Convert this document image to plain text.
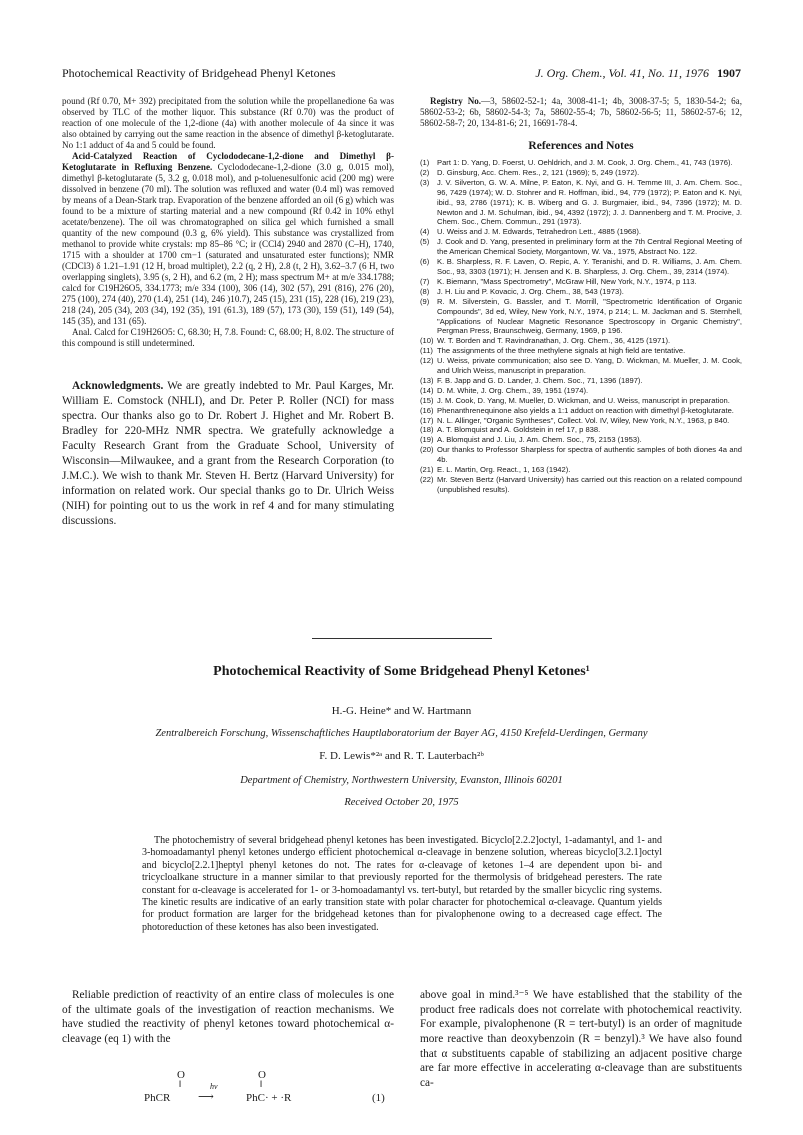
Photochemical Reactivity of Bridgehead Phenyl Ketones	J. Org. Chem., Vol. 41, No. 11, 1976 1907

pound (Rf 0.70, M+ 392) precipitated from the solution while the propellanedione 6a was observed by TLC of the mother liquor. This substance (Rf 0.70) was the product of reaction of one molecule of the 1,2-dione (4a) with another molecule of 4a since it was also obtained by carrying out the same reaction in the absence of dimethyl β-ketoglutarate. No 1:1 adduct of 4a and 5 could be found.

Acid-Catalyzed Reaction of Cyclododecane-1,2-dione and Dimethyl β-Ketoglutarate in Refluxing Benzene. Cyclododecane-1,2-dione (3.0 g, 0.015 mol), dimethyl β-ketoglutarate (5, 3.2 g, 0.018 mol), and p-toluenesulfonic acid (200 mg) were dissolved in benzene (70 ml). The solution was refluxed and water (0.4 ml) was removed by means of a Dean-Stark trap. Evaporation of the benzene afforded an oil (6 g) which was found to be a mixture of starting material and a new compound (Rf 0.42 in 10% ethyl acetate/benzene). The oil was chromatographed on silica gel which furnished a small quantity of the new compound (0.3 g, 6% yield). This substance was crystallized from methanol to provide white crystals: mp 85–86 °C; ir (CCl4) 2940 and 2870 (C–H), 1740, 1715 with a shoulder at 1700 cm−1 (saturated and unsaturated ester functions); NMR (CDCl3) δ 1.21–1.91 (12 H, broad multiplet), 2.2 (q, 2 H), 2.8 (t, 2 H), 3.62–3.7 (6 H, two overlapping singlets), 3.95 (s, 2 H), and 6.2 (m, 2 H); mass spectrum M+ at m/e 334.1788; calcd for C19H26O5, 334.1773; m/e 334 (100), 306 (14), 302 (57), 291 (816), 276 (20), 275 (100), 274 (40), 270 (1.4), 251 (14), 246 )10.7), 245 (15), 231 (15), 228 (16), 219 (23), 218 (24), 205 (34), 203 (34), 192 (35), 191 (61.3), 189 (57), 173 (30), 159 (51), 149 (54), 145 (35), and 131 (65).

Anal. Calcd for C19H26O5: C, 68.30; H, 7.8. Found: C, 68.00; H, 8.02. The structure of this compound is still undetermined.

Acknowledgments. We are greatly indebted to Mr. Paul Karges, Mr. William E. Comstock (NHLI), and Dr. Peter P. Roller (NCI) for mass spectra. Our thanks also go to Dr. Robert J. Highet and Mr. Robert B. Bradley for 220-MHz NMR spectra. We gratefully acknowledge a Faculty Research Grant from the Graduate School, University of Wisconsin—Milwaukee, and a grant from the Research Corporation (to J.M.C.). We wish to thank Mr. Steven H. Bertz (Harvard University) for information on related work. Our special thanks go to Dr. Ulrich Weiss (NIH) for pointing out to us the work in ref 4 and for many stimulating discussions.

Registry No.—3, 58602-52-1; 4a, 3008-41-1; 4b, 3008-37-5; 5, 1830-54-2; 6a, 58602-53-2; 6b, 58602-54-3; 7a, 58602-55-4; 7b, 58602-56-5; 11, 58602-57-6; 12, 58602-58-7; 20, 134-81-6; 21, 16691-78-4.

References and Notes
(1)	Part 1: D. Yang, D. Foerst, U. Oehldrich, and J. M. Cook, J. Org. Chem., 41, 743 (1976).
(2)	D. Ginsburg, Acc. Chem. Res., 2, 121 (1969); 5, 249 (1972).
(3)	J. V. Silverton, G. W. A. Milne, P. Eaton, K. Nyi, and G. H. Temme III, J. Am. Chem. Soc., 96, 7429 (1974); W. D. Stohrer and R. Hoffman, ibid., 94, 779 (1972); P. Eaton and K. Nyi, ibid., 93, 2786 (1971); K. B. Wiberg and G. J. Burgmaier, ibid., 94, 7396 (1972); M. D. Newton and J. M. Schulman, ibid., 94, 4392 (1972); J. J. Dannenberg and T. M. Procive, J. Chem. Soc., Chem. Commun., 291 (1973).
(4)	U. Weiss and J. M. Edwards, Tetrahedron Lett., 4885 (1968).
(5)	J. Cook and D. Yang, presented in preliminary form at the 7th Central Regional Meeting of the American Chemical Society, Morgantown, W. Va., 1975, Abstract No. 122.
(6)	K. B. Sharpless, R. F. Laven, O. Repic, A. Y. Teranishi, and D. R. Williams, J. Am. Chem. Soc., 93, 3303 (1971); H. Jensen and K. B. Sharpless, J. Org. Chem., 39, 2314 (1974).
(7)	K. Biemann, "Mass Spectrometry", McGraw Hill, New York, N.Y., 1974, p 113.
(8)	J. H. Liu and P. Kovacic, J. Org. Chem., 38, 543 (1973).
(9)	R. M. Silverstein, G. Bassler, and T. Morrill, "Spectrometric Identification of Organic Compounds", 3d ed, Wiley, New York, N.Y., 1974, p 214; L. M. Jackman and S. Sternhell, "Applications of Nuclear Magnetic Resonance Spectroscopy in Organic Chemistry", Pergman Press, Braunschweig, Germany, 1969, p 196.
(10) W. T. Borden and T. Ravindranathan, J. Org. Chem., 36, 4125 (1971).
(11) The assignments of the three methylene signals at high field are tentative.
(12) U. Weiss, private communication; also see D. Yang, D. Wickman, M. Mueller, J. M. Cook, and Ulrich Weiss, manuscript in preparation.
(13) F. B. Japp and G. D. Lander, J. Chem. Soc., 71, 1396 (1897).
(14) D. M. White, J. Org. Chem., 39, 1951 (1974).
(15) J. M. Cook, D. Yang, M. Mueller, D. Wickman, and U. Weiss, manuscript in preparation.
(16) Phenanthrenequinone also yields a 1:1 adduct on reaction with dimethyl β-ketoglutarate.
(17) N. L. Allinger, "Organic Syntheses", Collect. Vol. IV, Wiley, New York, N.Y., 1963, p 840.
(18) A. T. Blomquist and A. Goldstein in ref 17, p 838.
(19) A. Blomquist and J. Liu, J. Am. Chem. Soc., 75, 2153 (1953).
(20) Our thanks to Professor Sharpless for spectra of authentic samples of both diones 4a and 4b.
(21) E. L. Martin, Org. React., 1, 163 (1942).
(22) Mr. Steven Bertz (Harvard University) has carried out this reaction on a related compound (unpublished results).
Photochemical Reactivity of Some Bridgehead Phenyl Ketones¹
H.-G. Heine* and W. Hartmann
Zentralbereich Forschung, Wissenschaftliches Hauptlaboratorium der Bayer AG, 4150 Krefeld-Uerdingen, Germany
F. D. Lewis*²ᵃ and R. T. Lauterbach²ᵇ
Department of Chemistry, Northwestern University, Evanston, Illinois 60201
Received October 20, 1975

The photochemistry of several bridgehead phenyl ketones has been investigated. Bicyclo[2.2.2]octyl, 1-adamantyl, and 1- and 3-homoadamantyl phenyl ketones undergo efficient photochemical α-cleavage in benzene solution, whereas bicyclo[3.2.1]octyl and bicyclo[2.2.1]heptyl phenyl ketones do not. The rates for α-cleavage of ketones 1–4 are dependent upon bi- and tricycloalkane structure in a manner similar to that previously reported for the thermolysis of bridgehead peresters. The rate constant for α-cleavage is accelerated for 1- or 3-homoadamantyl vs. tert-butyl, but retarded by the smaller bicyclic ring systems. The kinetic results are indicative of an early transition state with polar character for photochemical α-cleavage. Quantum yields for product formation are larger for the bridgehead ketones than for pivalophenone owing to a decreased cage effect. The photoreduction of these ketones has also been investigated.

Reliable prediction of reactivity of an entire class of molecules is one of the ultimate goals of the investigation of reaction mechanisms. We have studied the reactivity of phenyl ketones toward photochemical α-cleavage (eq 1) with the

above goal in mind.³⁻⁵ We have established that the stability of the product free radicals does not correlate with photochemical reactivity. For example, pivalophenone (R = tert-butyl) is an order of magnitude more reactive than deoxybenzoin (R = benzyl).³ We have also found that α substituents capable of stabilizing an adjacent positive charge are far more effective in accelerating α-cleavage than are substituents ca-

O
‖
PhCR
hν
⟶
O
‖
PhC· + ·R	(1)
